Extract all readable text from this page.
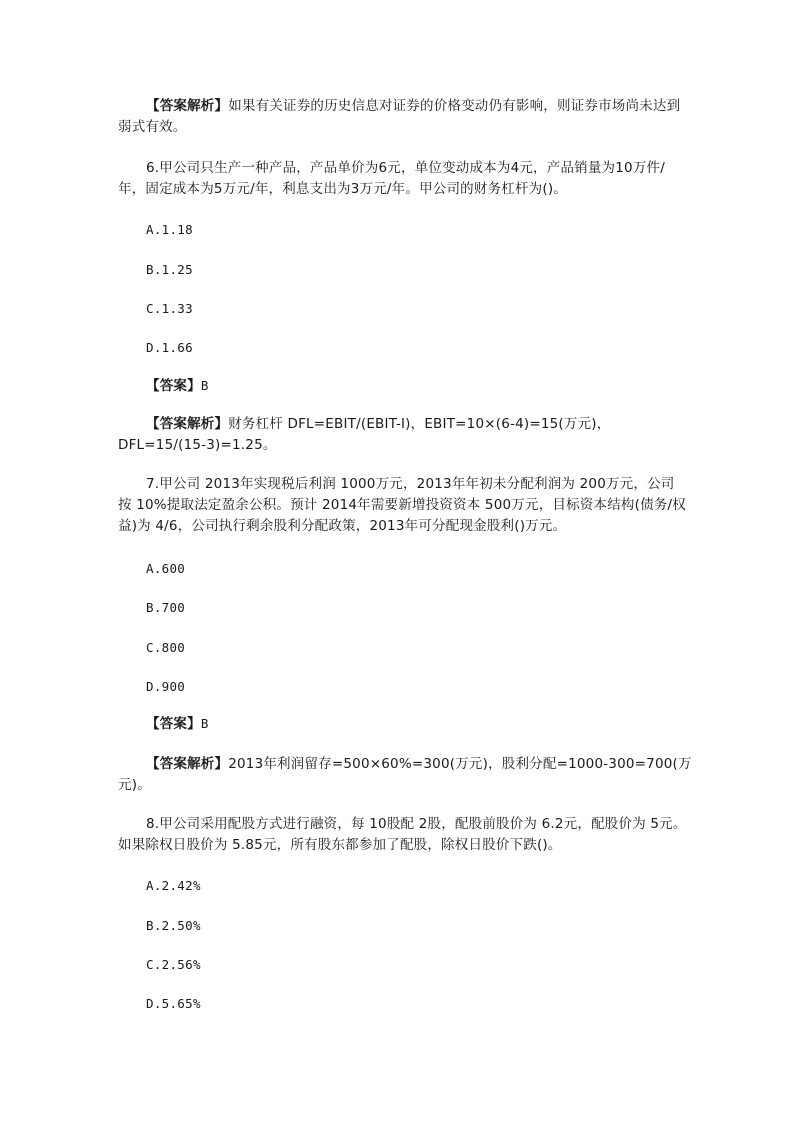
【答案解析】如果有关证券的历史信息对证券的价格变动仍有影响，则证券市场尚未达到弱式有效。
6.甲公司只生产一种产品，产品单价为6元，单位变动成本为4元，产品销量为10万件/年，固定成本为5万元/年，利息支出为3万元/年。甲公司的财务杠杆为()。
A.1.18
B.1.25
C.1.33
D.1.66
【答案】B
【答案解析】财务杠杆 DFL=EBIT/(EBIT-I)，EBIT=10×(6-4)=15(万元)，DFL=15/(15-3)=1.25。
7.甲公司 2013年实现税后利润 1000万元，2013年年初未分配利润为 200万元，公司按 10%提取法定盈余公积。预计 2014年需要新增投资资本 500万元，目标资本结构(债务/权益)为 4/6，公司执行剩余股利分配政策，2013年可分配现金股利()万元。
A.600
B.700
C.800
D.900
【答案】B
【答案解析】2013年利润留存=500×60%=300(万元)，股利分配=1000-300=700(万元)。
8.甲公司采用配股方式进行融资，每 10股配 2股，配股前股价为 6.2元，配股价为 5元。如果除权日股价为 5.85元，所有股东都参加了配股，除权日股价下跌()。
A.2.42%
B.2.50%
C.2.56%
D.5.65%
